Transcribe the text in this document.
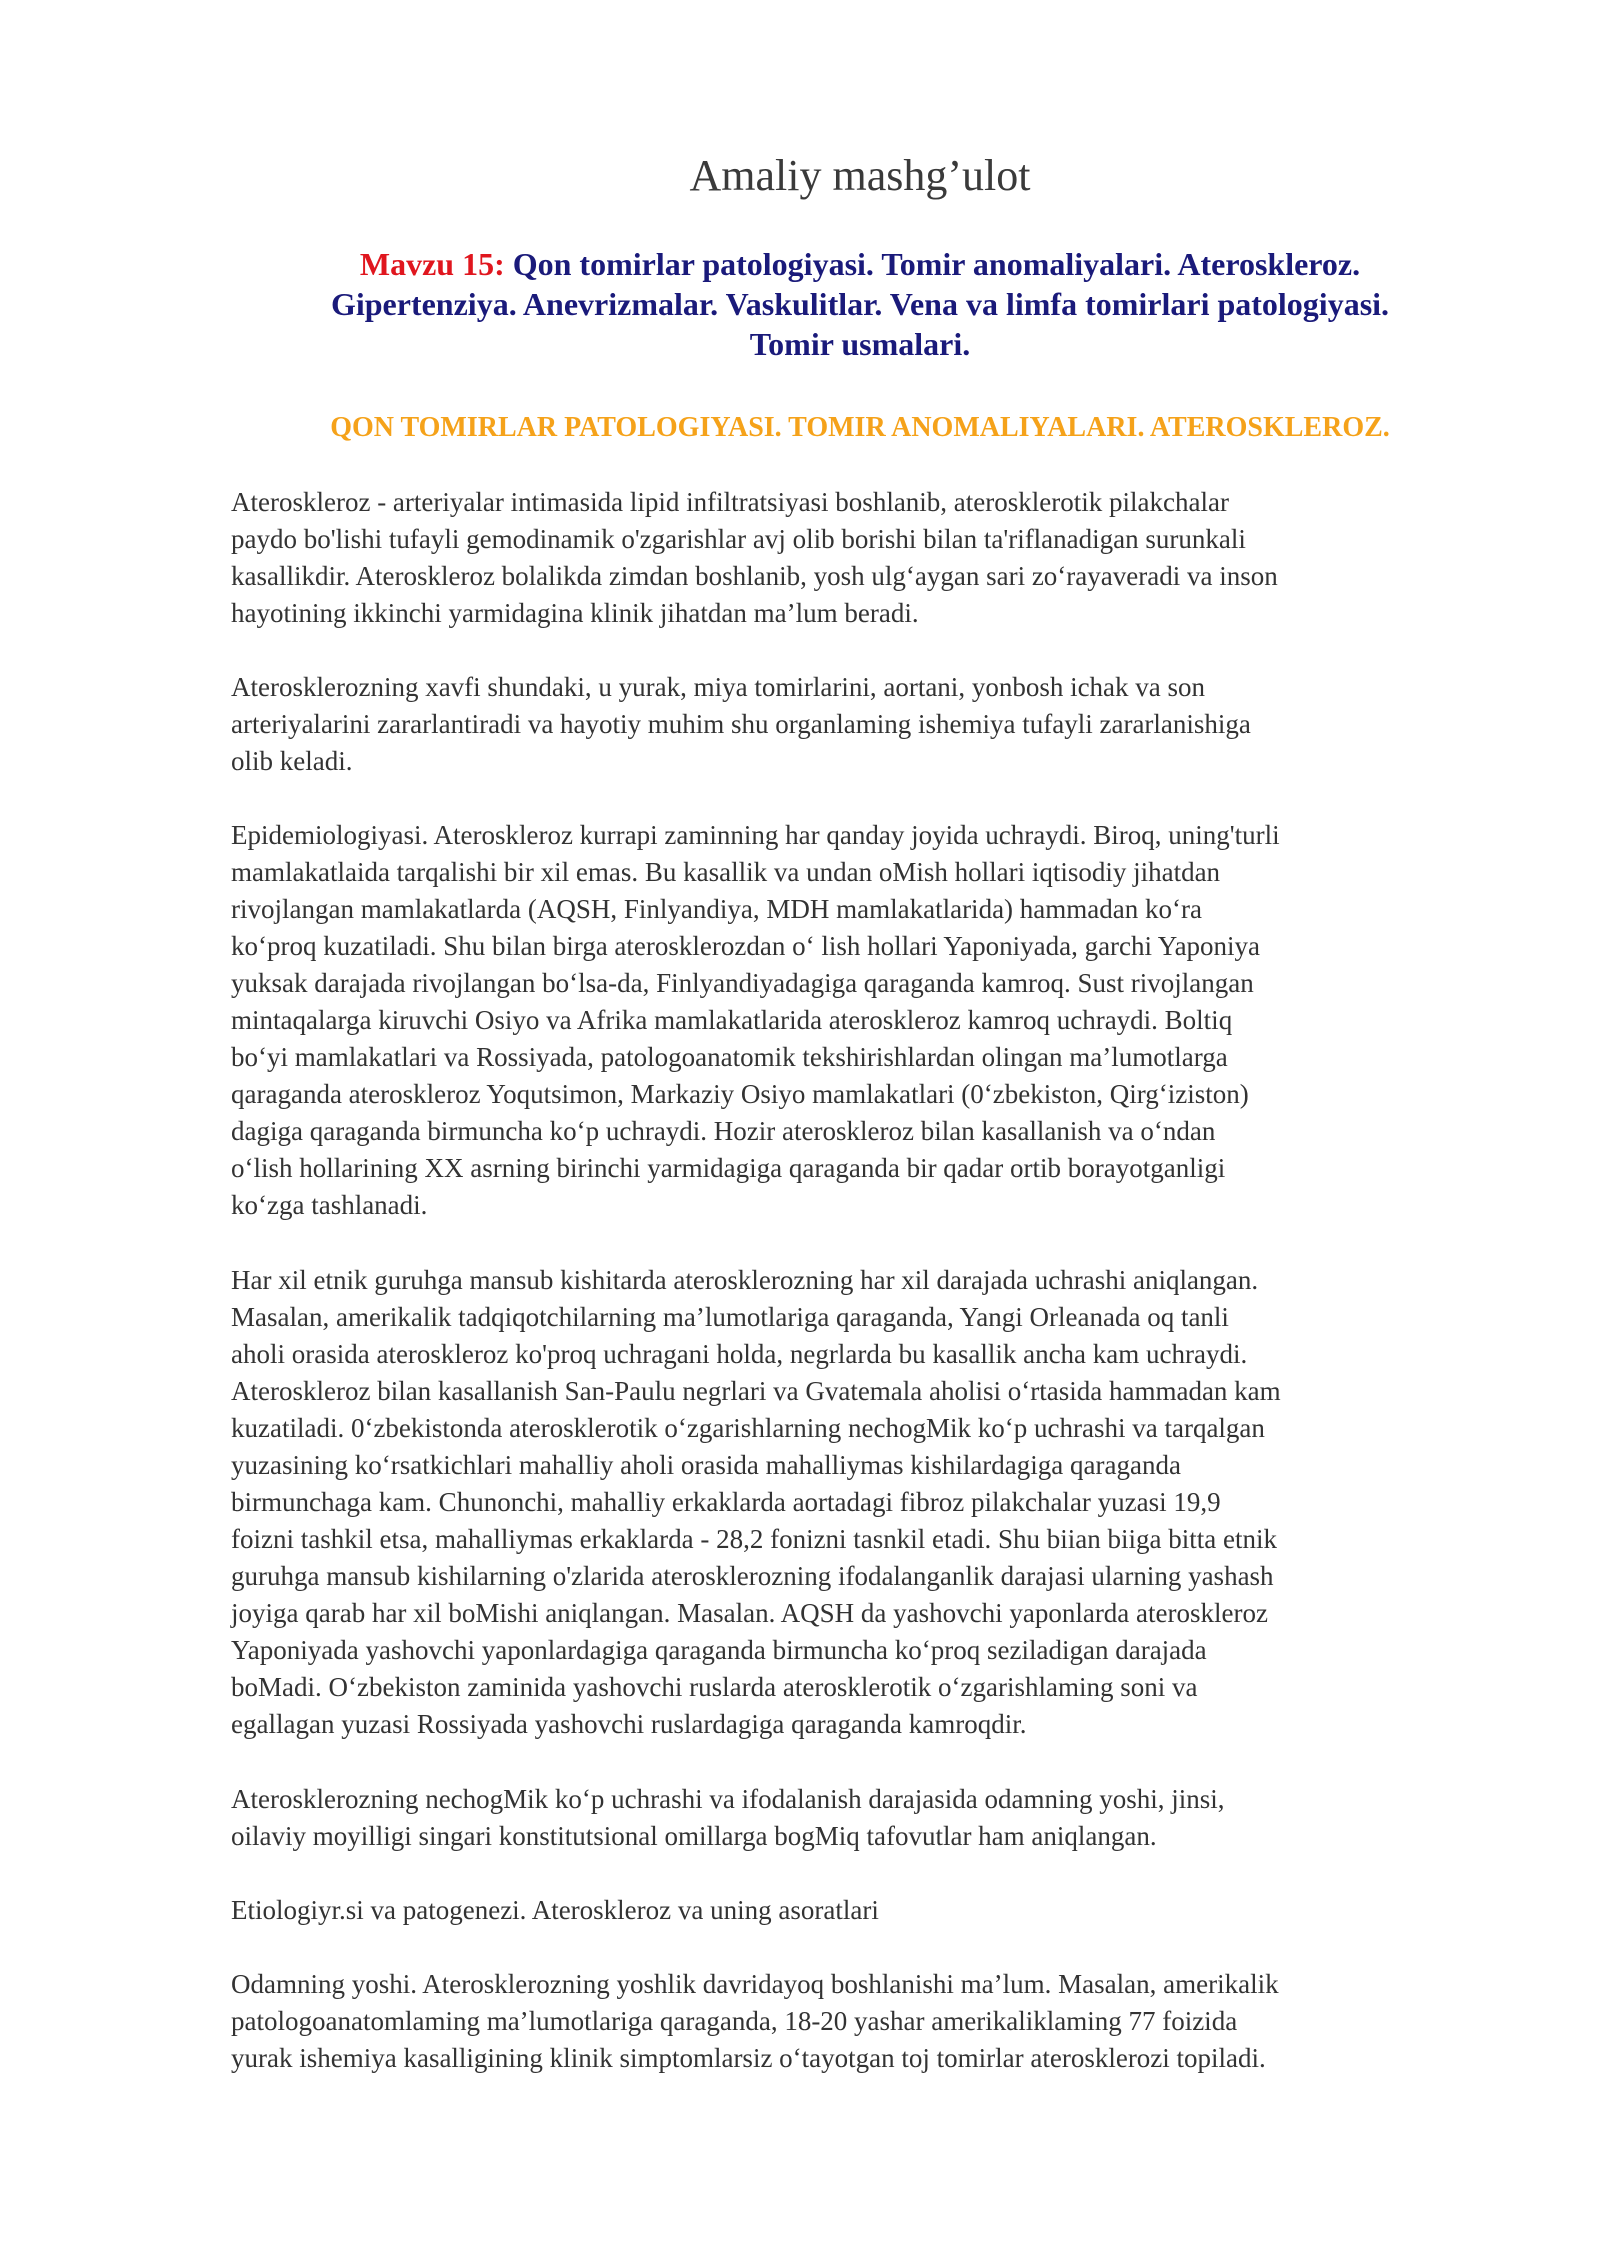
Amaliy mashg’ulot

Mavzu 15: Qon tomirlar patologiyasi. Tomir anomaliyalari. Ateroskleroz.
Gipertenziya. Anevrizmalar. Vaskulitlar. Vena va limfa tomirlari patologiyasi.
Tomir usmalari.

QON TOMIRLAR PATOLOGIYASI. TOMIR ANOMALIYALARI. ATEROSKLEROZ.

Ateroskleroz - arteriyalar intimasida lipid infiltratsiyasi boshlanib, aterosklerotik pilakchalar
paydo bo'lishi tufayli gemodinamik o'zgarishlar avj olib borishi bilan ta'riflanadigan surunkali
kasallikdir. Ateroskleroz bolalikda zimdan boshlanib, yosh ulg‘aygan sari zo‘rayaveradi va inson
hayotining ikkinchi yarmidagina klinik jihatdan ma’lum beradi.

Aterosklerozning xavfi shundaki, u yurak, miya tomirlarini, aortani, yonbosh ichak va son
arteriyalarini zararlantiradi va hayotiy muhim shu organlaming ishemiya tufayli zararlanishiga
olib keladi.

Epidemiologiyasi. Ateroskleroz kurrapi zaminning har qanday joyida uchraydi. Biroq, uning'turli
mamlakatlaida tarqalishi bir xil emas. Bu kasallik va undan oMish hollari iqtisodiy jihatdan
rivojlangan mamlakatlarda (AQSH, Finlyandiya, MDH mamlakatlarida) hammadan ko‘ra
ko‘proq kuzatiladi. Shu bilan birga aterosklerozdan o‘ lish hollari Yaponiyada, garchi Yaponiya
yuksak darajada rivojlangan bo‘lsa-da, Finlyandiyadagiga qaraganda kamroq. Sust rivojlangan
mintaqalarga kiruvchi Osiyo va Afrika mamlakatlarida ateroskleroz kamroq uchraydi. Boltiq
bo‘yi mamlakatlari va Rossiyada, patologoanatomik tekshirishlardan olingan ma’lumotlarga
qaraganda ateroskleroz Yoqutsimon, Markaziy Osiyo mamlakatlari (0‘zbekiston, Qirg‘iziston)
dagiga qaraganda birmuncha ko‘p uchraydi. Hozir ateroskleroz bilan kasallanish va o‘ndan
o‘lish hollarining XX asrning birinchi yarmidagiga qaraganda bir qadar ortib borayotganligi
ko‘zga tashlanadi.

Har xil etnik guruhga mansub kishitarda aterosklerozning har xil darajada uchrashi aniqlangan.
Masalan, amerikalik tadqiqotchilarning ma’lumotlariga qaraganda, Yangi Orleanada oq tanli
aholi orasida ateroskleroz ko'proq uchragani holda, negrlarda bu kasallik ancha kam uchraydi.
Ateroskleroz bilan kasallanish San-Paulu negrlari va Gvatemala aholisi o‘rtasida hammadan kam
kuzatiladi. 0‘zbekistonda aterosklerotik o‘zgarishlarning nechogMik ko‘p uchrashi va tarqalgan
yuzasining ko‘rsatkichlari mahalliy aholi orasida mahalliymas kishilardagiga qaraganda
birmunchaga kam. Chunonchi, mahalliy erkaklarda aortadagi fibroz pilakchalar yuzasi 19,9
foizni tashkil etsa, mahalliymas erkaklarda - 28,2 fonizni tasnkil etadi. Shu biian biiga bitta etnik
guruhga mansub kishilarning o'zlarida aterosklerozning ifodalanganlik darajasi ularning yashash
joyiga qarab har xil boMishi aniqlangan. Masalan. AQSH da yashovchi yaponlarda ateroskleroz
Yaponiyada yashovchi yaponlardagiga qaraganda birmuncha ko‘proq seziladigan darajada
boMadi. O‘zbekiston zaminida yashovchi ruslarda aterosklerotik o‘zgarishlaming soni va
egallagan yuzasi Rossiyada yashovchi ruslardagiga qaraganda kamroqdir.

Aterosklerozning nechogMik ko‘p uchrashi va ifodalanish darajasida odamning yoshi, jinsi,
oilaviy moyilligi singari konstitutsional omillarga bogMiq tafovutlar ham aniqlangan.

Etiologiyr.si va patogenezi. Ateroskleroz va uning asoratlari

Odamning yoshi. Aterosklerozning yoshlik davridayoq boshlanishi ma’lum. Masalan, amerikalik
patologoanatomlaming ma’lumotlariga qaraganda, 18-20 yashar amerikaliklaming 77 foizida
yurak ishemiya kasalligining klinik simptomlarsiz o‘tayotgan toj tomirlar aterosklerozi topiladi.
